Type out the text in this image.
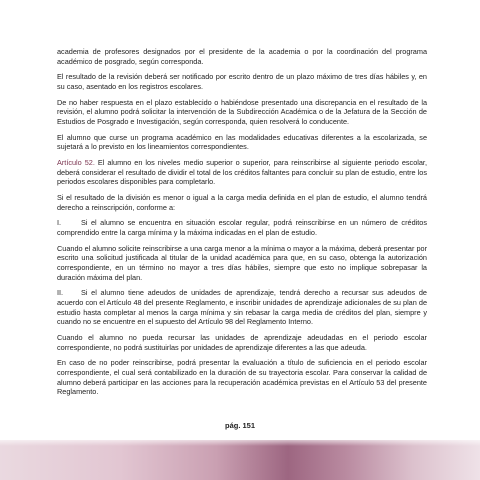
academia de profesores designados por el presidente de la academia o por la coordinación del programa académico de posgrado, según corresponda.

El resultado de la revisión deberá ser notificado por escrito dentro de un plazo máximo de tres días hábiles y, en su caso, asentado en los registros escolares.

De no haber respuesta en el plazo establecido o habiéndose presentado una discrepancia en el resultado de la revisión, el alumno podrá solicitar la intervención de la Subdirección Académica o de la Jefatura de la Sección de Estudios de Posgrado e Investigación, según corresponda, quien resolverá lo conducente.

El alumno que curse un programa académico en las modalidades educativas diferentes a la escolarizada, se sujetará a lo previsto en los lineamientos correspondientes.

Artículo 52. El alumno en los niveles medio superior o superior, para reinscribirse al siguiente periodo escolar, deberá considerar el resultado de dividir el total de los créditos faltantes para concluir su plan de estudio, entre los periodos escolares disponibles para completarlo.

Si el resultado de la división es menor o igual a la carga media definida en el plan de estudio, el alumno tendrá derecho a reinscripción, conforme a:

I.	Si el alumno se encuentra en situación escolar regular, podrá reinscribirse en un número de créditos comprendido entre la carga mínima y la máxima indicadas en el plan de estudio.

Cuando el alumno solicite reinscribirse a una carga menor a la mínima o mayor a la máxima, deberá presentar por escrito una solicitud justificada al titular de la unidad académica para que, en su caso, obtenga la autorización correspondiente, en un término no mayor a tres días hábiles, siempre que esto no implique sobrepasar la duración máxima del plan.

II. Si el alumno tiene adeudos de unidades de aprendizaje, tendrá derecho a recursar sus adeudos de acuerdo con el Artículo 48 del presente Reglamento, e inscribir unidades de aprendizaje adicionales de su plan de estudio hasta completar al menos la carga mínima y sin rebasar la carga media de créditos del plan, siempre y cuando no se encuentre en el supuesto del Artículo 98 del Reglamento Interno.

Cuando el alumno no pueda recursar las unidades de aprendizaje adeudadas en el periodo escolar correspondiente, no podrá sustituirlas por unidades de aprendizaje diferentes a las que adeuda.

En caso de no poder reinscribirse, podrá presentar la evaluación a título de suficiencia en el periodo escolar correspondiente, el cual será contabilizado en la duración de su trayectoria escolar. Para conservar la calidad de alumno deberá participar en las acciones para la recuperación académica previstas en el Artículo 53 del presente Reglamento.

pág. 151
